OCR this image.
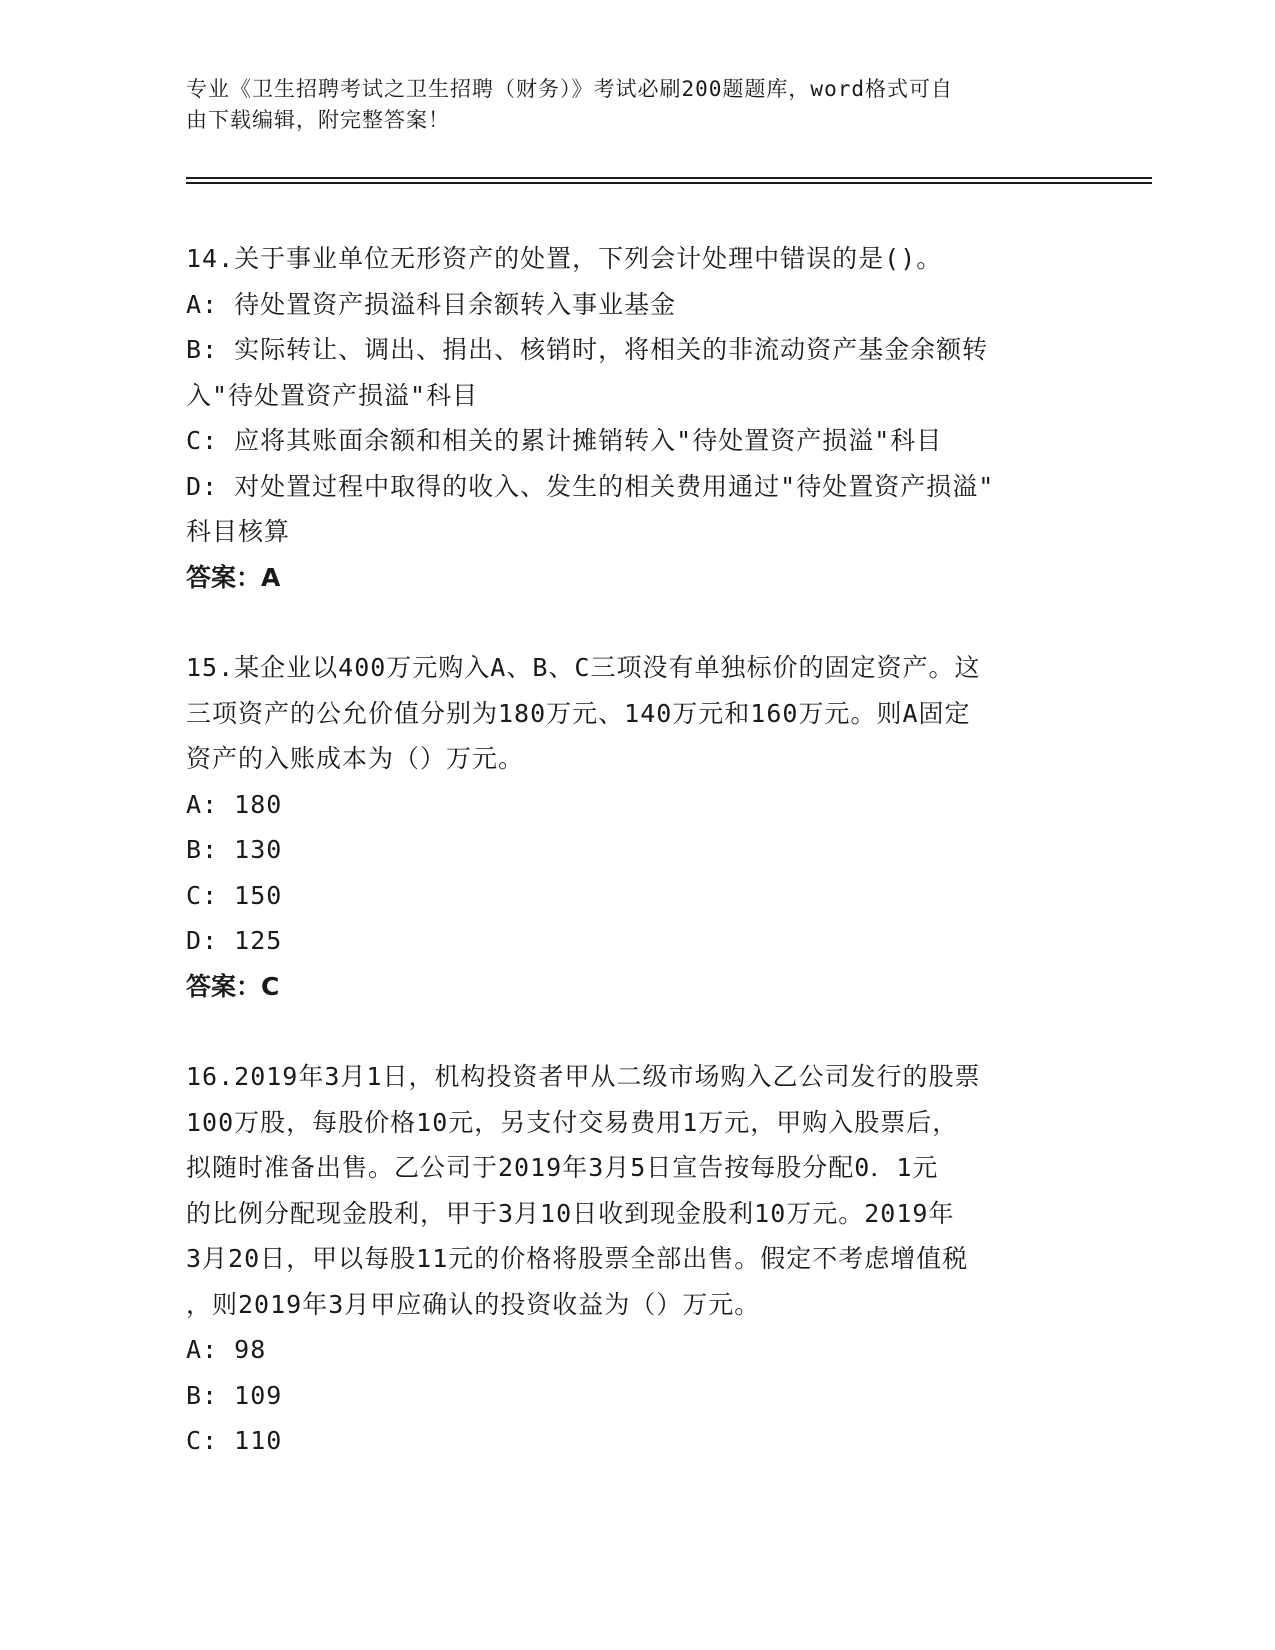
专业《卫生招聘考试之卫生招聘（财务）》考试必刷200题题库，word格式可自
由下载编辑，附完整答案！
14.关于事业单位无形资产的处置，下列会计处理中错误的是()。
A: 待处置资产损溢科目余额转入事业基金
B: 实际转让、调出、捐出、核销时，将相关的非流动资产基金余额转
入"待处置资产损溢"科目
C: 应将其账面余额和相关的累计摊销转入"待处置资产损溢"科目
D: 对处置过程中取得的收入、发生的相关费用通过"待处置资产损溢"
科目核算
答案：A
15.某企业以400万元购入A、B、C三项没有单独标价的固定资产。这
三项资产的公允价值分别为180万元、140万元和160万元。则A固定
资产的入账成本为（）万元。
A: 180
B: 130
C: 150
D: 125
答案：C
16.2019年3月1日，机构投资者甲从二级市场购入乙公司发行的股票
100万股，每股价格10元，另支付交易费用1万元，甲购入股票后，
拟随时准备出售。乙公司于2019年3月5日宣告按每股分配0．1元
的比例分配现金股利，甲于3月10日收到现金股利10万元。2019年
3月20日，甲以每股11元的价格将股票全部出售。假定不考虑增值税
，则2019年3月甲应确认的投资收益为（）万元。
A: 98
B: 109
C: 110
